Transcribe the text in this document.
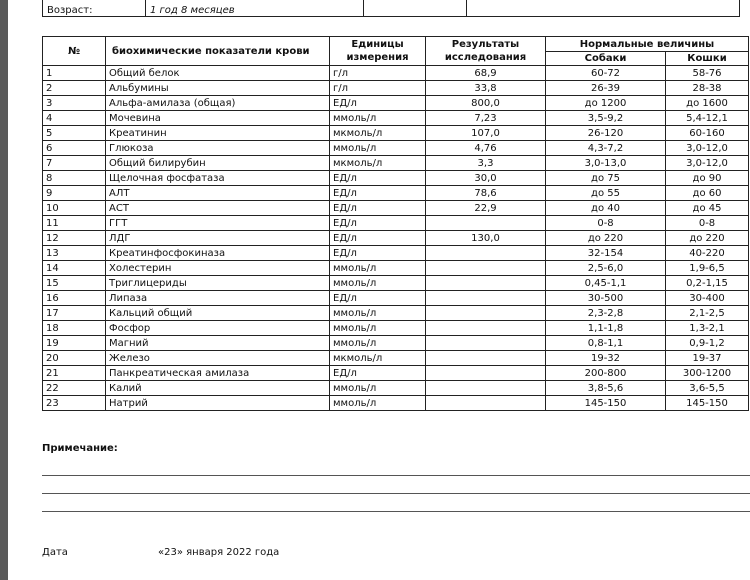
Возраст:	1 год 8 месяцев		
№	биохимические показатели крови	Единицы измерения	Результаты исследования	Нормальные величины	
				Собаки	Кошки
1	Общий белок	г/л	68,9	60-72	58-76
2	Альбумины	г/л	33,8	26-39	28-38
3	Альфа-амилаза (общая)	ЕД/л	800,0	до 1200	до 1600
4	Мочевина	ммоль/л	7,23	3,5-9,2	5,4-12,1
5	Креатинин	мкмоль/л	107,0	26-120	60-160
6	Глюкоза	ммоль/л	4,76	4,3-7,2	3,0-12,0
7	Общий билирубин	мкмоль/л	3,3	3,0-13,0	3,0-12,0
8	Щелочная фосфатаза	ЕД/л	30,0	до 75	до 90
9	АЛТ	ЕД/л	78,6	до 55	до 60
10	АСТ	ЕД/л	22,9	до 40	до 45
11	ГГТ	ЕД/л		0-8	0-8
12	ЛДГ	ЕД/л	130,0	до 220	до 220
13	Креатинфосфокиназа	ЕД/л		32-154	40-220
14	Холестерин	ммоль/л		2,5-6,0	1,9-6,5
15	Триглицериды	ммоль/л		0,45-1,1	0,2-1,15
16	Липаза	ЕД/л		30-500	30-400
17	Кальций общий	ммоль/л		2,3-2,8	2,1-2,5
18	Фосфор	ммоль/л		1,1-1,8	1,3-2,1
19	Магний	ммоль/л		0,8-1,1	0,9-1,2
20	Железо	мкмоль/л		19-32	19-37
21	Панкреатическая амилаза	ЕД/л		200-800	300-1200
22	Калий	ммоль/л		3,8-5,6	3,6-5,5
23	Натрий	ммоль/л		145-150	145-150
Примечание:
Дата	«23» января 2022 года
